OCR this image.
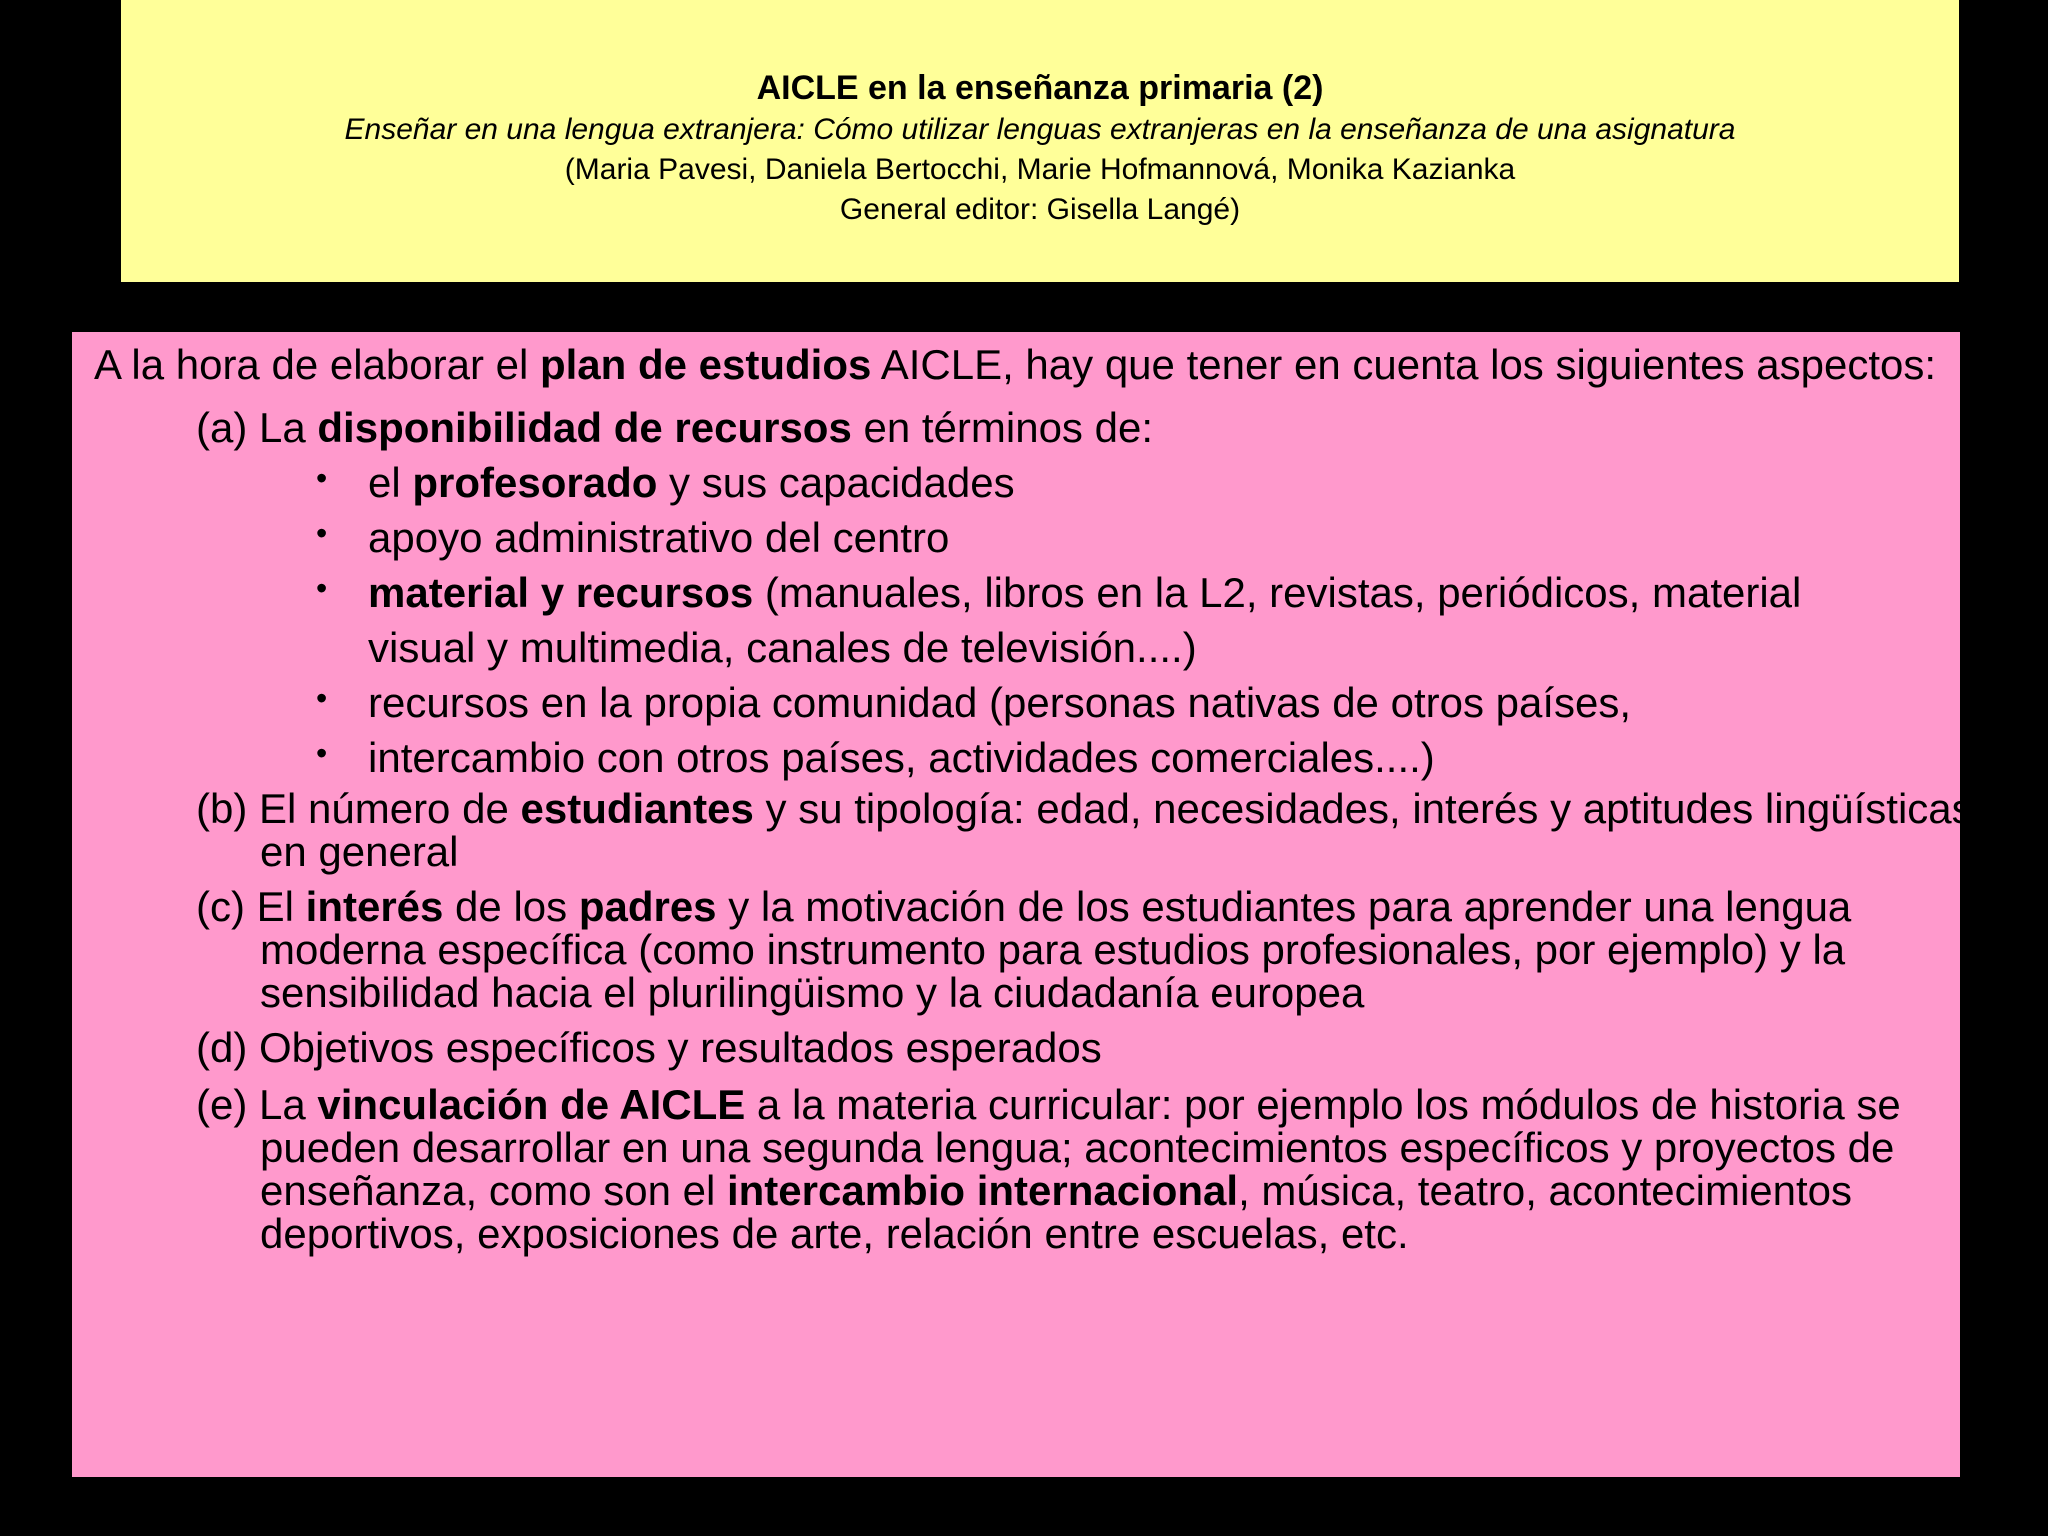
AICLE en la enseñanza primaria (2)

Enseñar en una lengua extranjera: Cómo utilizar lenguas extranjeras en la enseñanza de una asignatura

(Maria Pavesi, Daniela Bertocchi, Marie Hofmannová, Monika Kazianka

General editor: Gisella Langé)

A la hora de elaborar el plan de estudios AICLE, hay que tener en cuenta los siguientes aspectos:

(a) La disponibilidad de recursos en términos de:

• el profesorado y sus capacidades
• apoyo administrativo del centro
• material y recursos (manuales, libros en la L2, revistas, periódicos, material visual y multimedia, canales de televisión....)
• recursos en la propia comunidad (personas nativas de otros países,
• intercambio con otros países, actividades comerciales....)

(b) El número de estudiantes y su tipología: edad, necesidades, interés y aptitudes lingüísticas en general

(c) El interés de los padres y la motivación de los estudiantes para aprender una lengua moderna específica (como instrumento para estudios profesionales, por ejemplo) y la sensibilidad hacia el plurilingüismo y la ciudadanía europea

(d) Objetivos específicos y resultados esperados

(e) La vinculación de AICLE a la materia curricular: por ejemplo los módulos de historia se pueden desarrollar en una segunda lengua; acontecimientos específicos y proyectos de enseñanza, como son el intercambio internacional, música, teatro, acontecimientos deportivos, exposiciones de arte, relación entre escuelas, etc.
